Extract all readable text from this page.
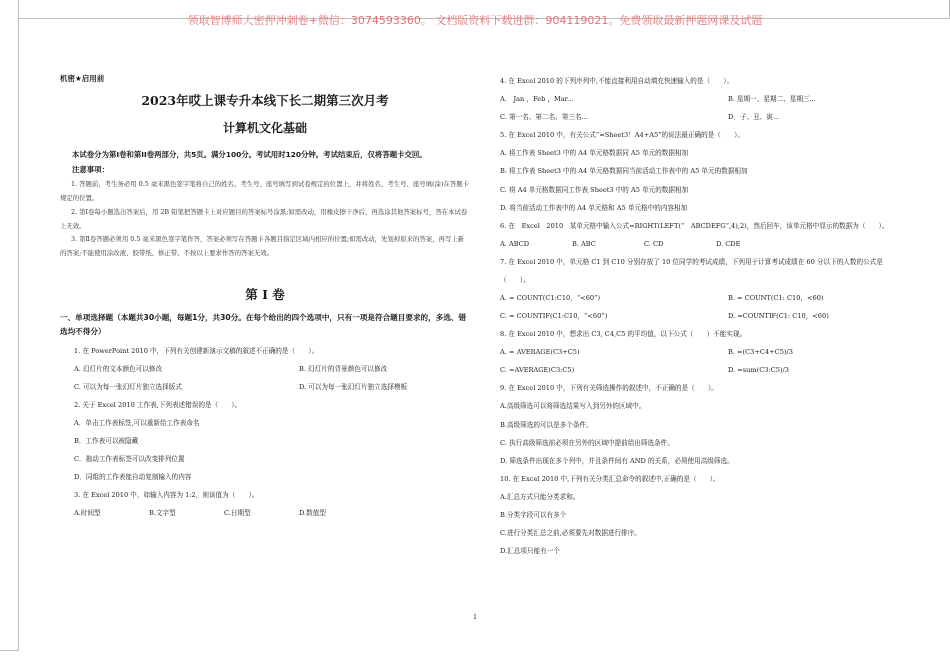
领取智博师大密押冲刺卷+微信：3074593360。 文档版资料下载进群：904119021。免费领取最新押题网课及试题
机密★启用前
2023年哎上课专升本线下长二期第三次月考
计算机文化基础
本试卷分为第I卷和第II卷两部分，共5页。满分100分。考试用时120分钟。考试结束后，仅将答题卡交回。
注意事项：
1. 答题前，考生务必用 0.5 毫米黑色签字笔将自己的姓名、考生号、座号填写到试卷规定的位置上，并将姓名、考生号、座号填(涂)在答题卡规定的位置。
2. 第Ⅰ卷每小题选出答案后，用 2B 铅笔把答题卡上对应题目的答案标号涂黑;如需改动，用橡皮擦干净后，再选涂其他答案标号，答在本试卷上无效。
3. 第Ⅱ卷答题必须用 0.5 毫米黑色签字笔作答，答案必须写在答题卡各题目指定区域内相应的位置;如需改动，先划掉原来的答案，再写上新的答案;不能使用涂改液、胶带纸、修正带。不按以上要求作答的答案无效。
第 I 卷
一、单项选择题（本题共30小题，每题1分，共30分。在每个给出的四个选项中，只有一项是符合题目要求的，多选、错选均不得分）
1. 在 PowerPoint 2010 中，下列有关创建新演示文稿的叙述不正确的是（　　）。
A. 幻灯片的文本颜色可以修改	B. 幻灯片的背景颜色可以修改
C. 可以为每一张幻灯片独立选择版式	D. 可以为每一张幻灯片独立选择模板
2. 关于 Excel 2010 工作表,下列表述错误的是（　　）。
A．单击工作表标签,可以重新给工作表命名
B．工作表可以被隐藏
C．拖动工作表标签可以改变排列位置
D．同组的工作表能自动复制输入的内容
3. 在 Excel 2010 中，如输入内容为 1:2，则该值为（　　）。
A.时间型	B.文字型	C.日期型	D.数值型
4. 在 Excel 2010 的下列序列中,不能直接利用自动填充快速输入的是（　　）。
A.　Jan ，Feb ，Mar...	B. 星期一、星期二、星期三...
C. 第一名、第二名、第三名...	D．子、丑、寅...
5. 在 Excel 2010 中，有关公式“=Sheet3！A4+A5”的说法最正确的是（　　）。
A. 将工作表 Sheet3 中的 A4 单元格数据同 A5 单元的数据相加
B. 将工作表 Sheet3 中的 A4 单元格数据同当前活动工作表中的 A5 单元的数据相加
C. 将 A4 单元格数据同工作表 Sheet3 中的 A5 单元的数据相加
D. 将当前活动工作表中的 A4 单元格和 A5 单元格中的内容相加
6. 在　Excel　2010　某单元格中输入公式=RIGHT(LEFT(“　ABCDEFG”,4),2)，然后回车，该单元格中显示的数据为（　　）。
A. ABCD	B. ABC	C. CD	D. CDE
7. 在 Excel 2010 中，单元格 C1 到 C10 分别存放了 10 位同学的考试成绩，下列用于计算考试成绩在 60 分以下的人数的公式是（　　）。
A. = COUNT(C1:C10，“<60”)	B. = COUNT(C1: C10，<60)
C. = COUNTIF(C1:C10，“<60”)	D. =COUNTIF(C1: C10，<60)
8. 在 Excel 2010 中，想求出 C3, C4,C5 的平均值，以下公式（　　）不能实现。
A. = AVERAGE(C3+C5)	B. =(C3+C4+C5)/3
C. =AVERAGE(C3:C5)	D. =sum(C3:C5)/3
9. 在 Excel 2010 中，下列有关筛选操作的叙述中，不正确的是（　　）。
A.高级筛选可以将筛选结果写入到另外的区域中。
B.高级筛选的可以是多个条件。
C. 执行高级筛选前必须在另外的区域中提前给出筛选条件。
D. 筛选条件出现在多个列中，并且条件间有 AND 的关系，必须使用高级筛选。
10. 在 Excel 2010 中,下列有关分类汇总命令的叙述中,正确的是（　　）。
A.汇总方式只能分类求和。
B.分类字段可以有多个
C.进行分类汇总之前,必须要先对数据进行排序。
D.汇总项只能有一个
1
